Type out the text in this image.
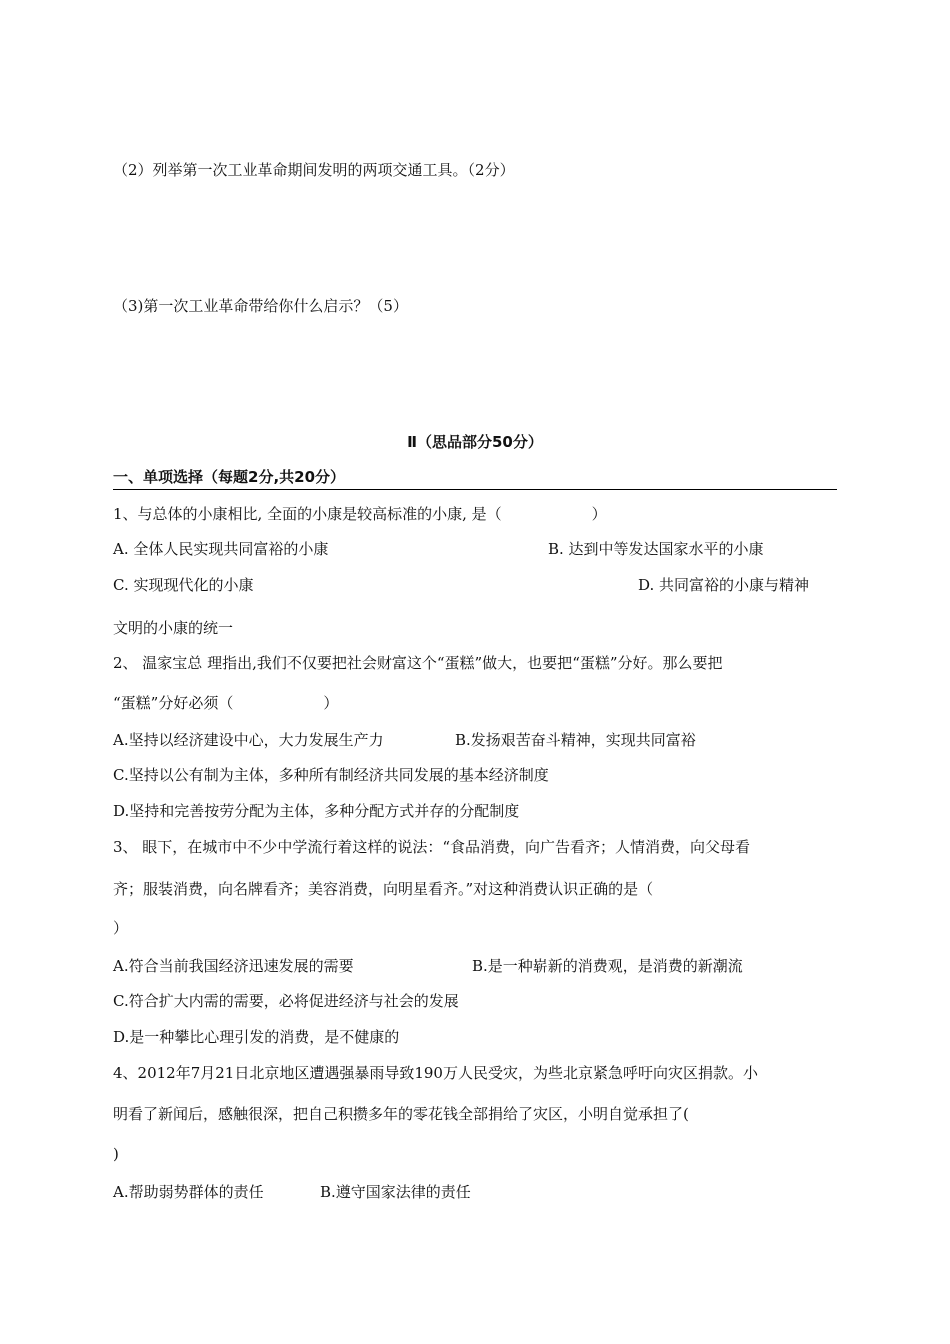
（2）列举第一次工业革命期间发明的两项交通工具。（2分）
（3)第一次工业革命带给你什么启示？（5）
Ⅱ（思品部分50分）
一、单项选择（每题2分,共20分）
1、与总体的小康相比, 全面的小康是较高标准的小康, 是（　　　　　　）
A. 全体人民实现共同富裕的小康	B. 达到中等发达国家水平的小康
C. 实现现代化的小康	D. 共同富裕的小康与精神
文明的小康的统一
2、 温家宝总 理指出,我们不仅要把社会财富这个“蛋糕”做大，也要把“蛋糕”分好。那么要把
“蛋糕”分好必须（　　　　　　）
A.坚持以经济建设中心，大力发展生产力	B.发扬艰苦奋斗精神，实现共同富裕
C.坚持以公有制为主体，多种所有制经济共同发展的基本经济制度
D.坚持和完善按劳分配为主体，多种分配方式并存的分配制度
3、 眼下，在城市中不少中学流行着这样的说法：“食品消费，向广告看齐；人情消费，向父母看
齐；服装消费，向名牌看齐；美容消费，向明星看齐。”对这种消费认识正确的是（
）
A.符合当前我国经济迅速发展的需要	B.是一种崭新的消费观，是消费的新潮流
C.符合扩大内需的需要，必将促进经济与社会的发展
D.是一种攀比心理引发的消费，是不健康的
4、2012年7月21日北京地区遭遇强暴雨导致190万人民受灾，为些北京紧急呼吁向灾区捐款。小
明看了新闻后，感触很深，把自己积攒多年的零花钱全部捐给了灾区，小明自觉承担了(
)
A.帮助弱势群体的责任	B.遵守国家法律的责任
